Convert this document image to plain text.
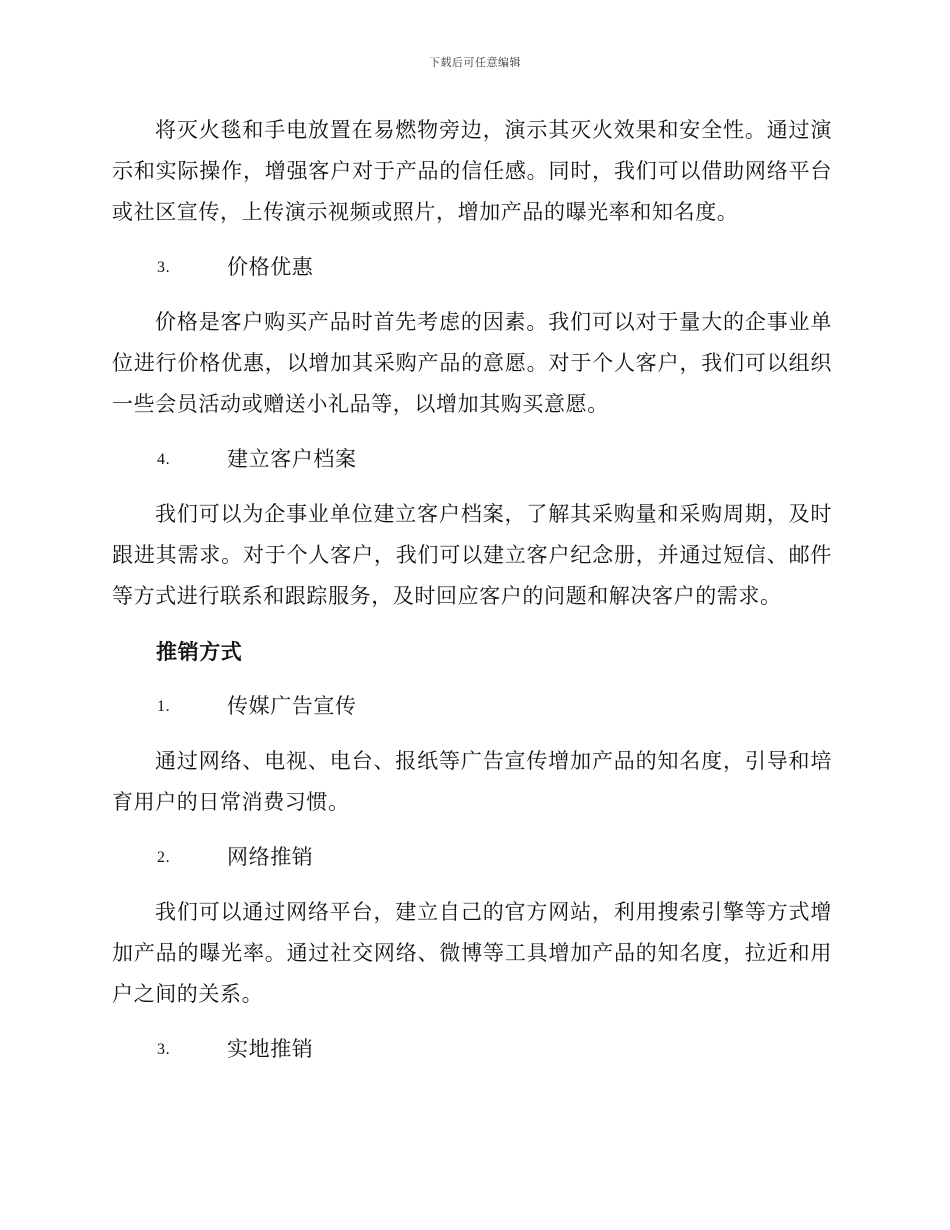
下载后可任意编辑

将灭火毯和手电放置在易燃物旁边，演示其灭火效果和安全性。通过演示和实际操作，增强客户对于产品的信任感。同时，我们可以借助网络平台或社区宣传，上传演示视频或照片，增加产品的曝光率和知名度。

3.	价格优惠

价格是客户购买产品时首先考虑的因素。我们可以对于量大的企事业单位进行价格优惠，以增加其采购产品的意愿。对于个人客户，我们可以组织一些会员活动或赠送小礼品等，以增加其购买意愿。

4.	建立客户档案

我们可以为企事业单位建立客户档案，了解其采购量和采购周期，及时跟进其需求。对于个人客户，我们可以建立客户纪念册，并通过短信、邮件等方式进行联系和跟踪服务，及时回应客户的问题和解决客户的需求。

推销方式
1.	传媒广告宣传

通过网络、电视、电台、报纸等广告宣传增加产品的知名度，引导和培育用户的日常消费习惯。

2.	网络推销

我们可以通过网络平台，建立自己的官方网站，利用搜索引擎等方式增加产品的曝光率。通过社交网络、微博等工具增加产品的知名度，拉近和用户之间的关系。

3.	实地推销
